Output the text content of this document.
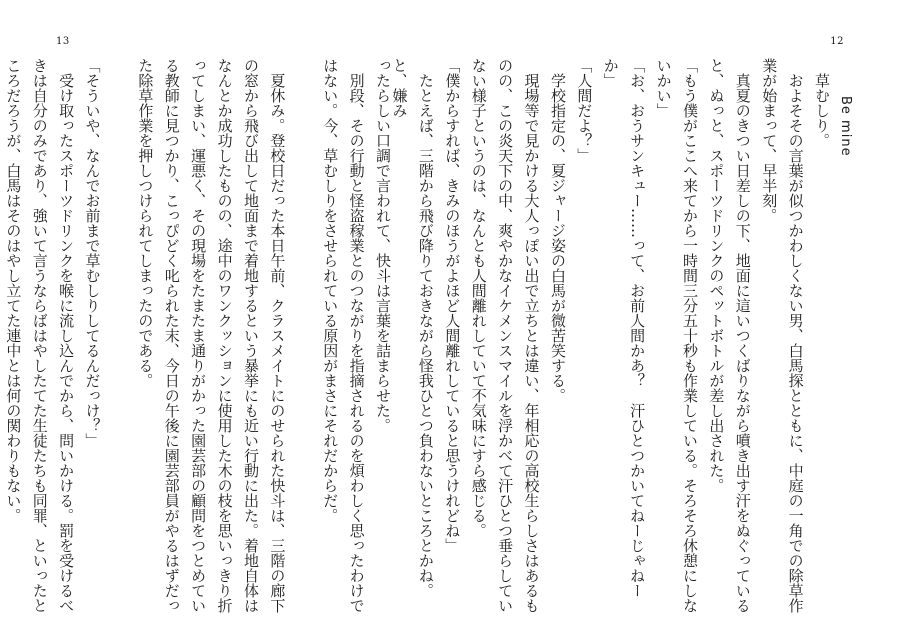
12
Be mine

草むしり。

およそその言葉が似つかわしくない男、白馬探とともに、中庭の一角での除草作業が始まって、早半刻。

真夏のきつい日差しの下、地面に這いつくばりながら噴き出す汗をぬぐっていると、ぬっと、スポーツドリンクのペットボトルが差し出された。

「もう僕がここへ来てから一時間三分五十秒も作業している。そろそろ休憩にしないかい」

「お、おうサンキュー……って、お前人間かあ？　汗ひとつかいてねーじゃねーか」

「人間だよ？」

学校指定の、夏ジャージ姿の白馬が微苦笑する。

現場等で見かける大人っぽい出で立ちとは違い、年相応の高校生らしさはあるものの、この炎天下の中、爽やかなイケメンスマイルを浮かべて汗ひとつ垂らしていない様子というのは、なんとも人間離れしていて不気味にすら感じる。

「僕からすれば、きみのほうがよほど人間離れしていると思うけれどね」

たとえば、三階から飛び降りておきながら怪我ひとつ負わないところとかね。と、嫌み

13

ったらしい口調で言われて、快斗は言葉を詰まらせた。

別段、その行動と怪盗稼業とのつながりを指摘されるのを煩わしく思ったわけではない。今、草むしりをさせられている原因がまさにそれだからだ。

夏休み。登校日だった本日午前、クラスメイトにのせられた快斗は、三階の廊下の窓から飛び出して地面まで着地するという暴挙にも近い行動に出た。着地自体はなんとか成功したものの、途中のワンクッションに使用した木の枝を思いっきり折ってしまい、運悪く、その現場をたまたま通りがかった園芸部の顧問をつとめている教師に見つかり、こっぴどく叱られた末、今日の午後に園芸部員がやるはずだった除草作業を押しつけられてしまったのである。

「そういや、なんでお前まで草むしりしてるんだっけ？」

受け取ったスポーツドリンクを喉に流し込んでから、問いかける。罰を受けるべきは自分のみであり、強いて言うならばはやしたてた生徒たちも同罪、といったところだろうが、白馬はそのはやし立てた連中とは何の関わりもない。
